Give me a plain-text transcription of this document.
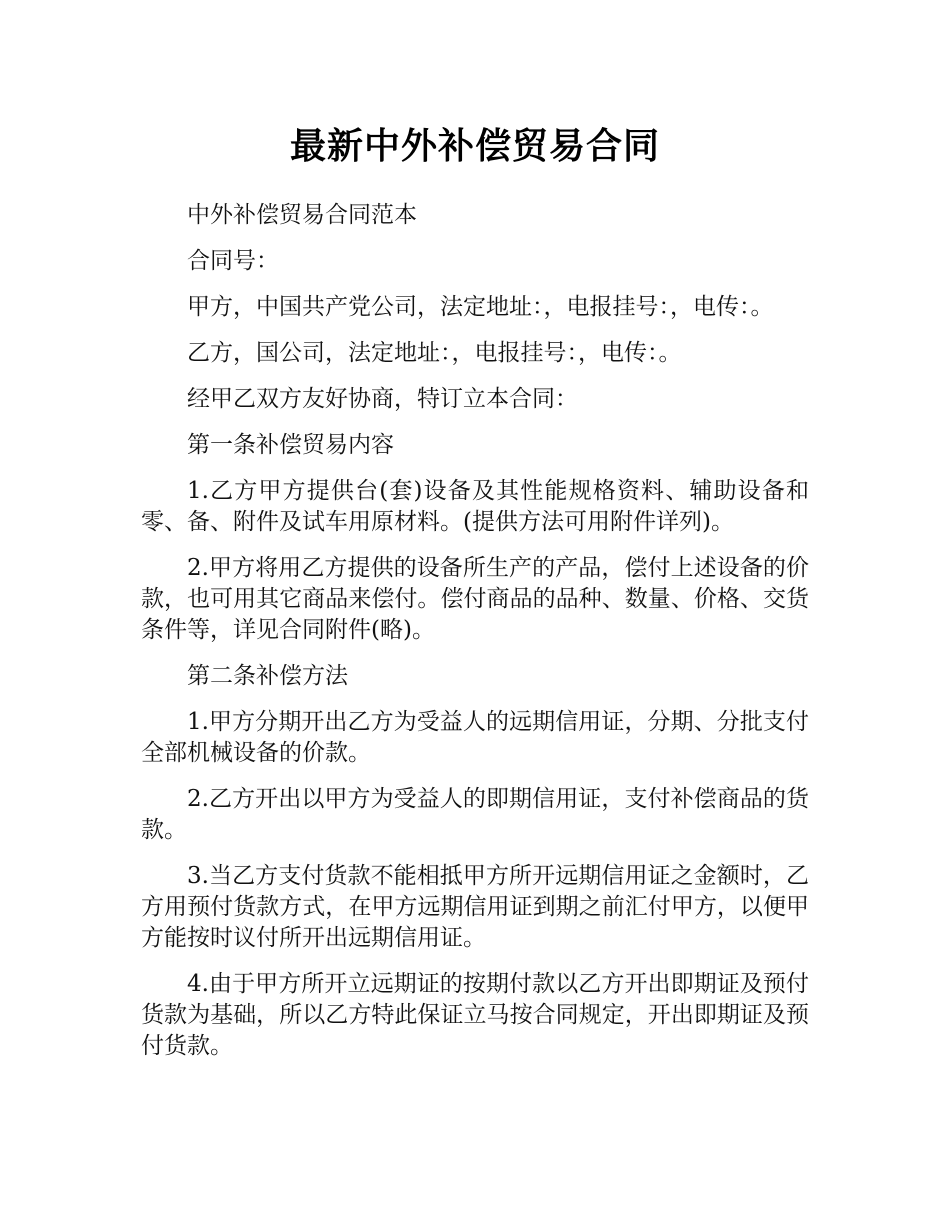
最新中外补偿贸易合同

中外补偿贸易合同范本

合同号：

甲方，中国共产党公司，法定地址：，电报挂号：，电传：。

乙方，国公司，法定地址：，电报挂号：，电传：。

经甲乙双方友好协商，特订立本合同：

第一条补偿贸易内容

1.乙方甲方提供台(套)设备及其性能规格资料、辅助设备和零、备、附件及试车用原材料。(提供方法可用附件详列)。

2.甲方将用乙方提供的设备所生产的产品，偿付上述设备的价款，也可用其它商品来偿付。偿付商品的品种、数量、价格、交货条件等，详见合同附件(略)。

第二条补偿方法

1.甲方分期开出乙方为受益人的远期信用证，分期、分批支付全部机械设备的价款。

2.乙方开出以甲方为受益人的即期信用证，支付补偿商品的货款。

3.当乙方支付货款不能相抵甲方所开远期信用证之金额时，乙方用预付货款方式，在甲方远期信用证到期之前汇付甲方，以便甲方能按时议付所开出远期信用证。

4.由于甲方所开立远期证的按期付款以乙方开出即期证及预付货款为基础，所以乙方特此保证立马按合同规定，开出即期证及预付货款。
